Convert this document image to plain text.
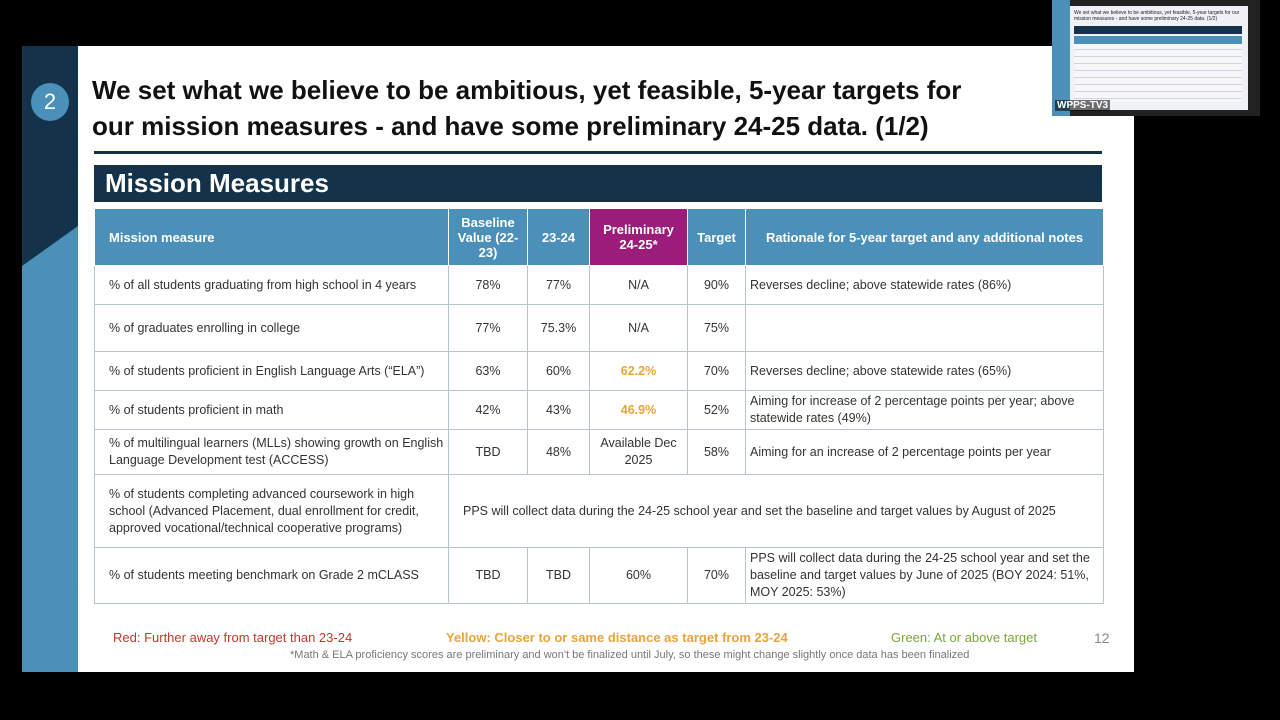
2	We set what we believe to be ambitious, yet feasible, 5-year targets for
our mission measures - and have some preliminary 24-25 data. (1/2)
Mission Measures
Mission measure	Baseline Value (22-23)	23-24	Preliminary 24-25*	Target	Rationale for 5-year target and any additional notes
% of all students graduating from high school in 4 years	78%	77%	N/A	90%	Reverses decline; above statewide rates (86%)
% of graduates enrolling in college	77%	75.3%	N/A	75%	
% of students proficient in English Language Arts (“ELA”)	63%	60%	62.2%	70%	Reverses decline; above statewide rates (65%)
% of students proficient in math	42%	43%	46.9%	52%	Aiming for increase of 2 percentage points per year; above statewide rates (49%)
% of multilingual learners (MLLs) showing growth on English Language Development test (ACCESS)	TBD	48%	Available Dec 2025	58%	Aiming for an increase of 2 percentage points per year
% of students completing advanced coursework in high school (Advanced Placement, dual enrollment for credit, approved vocational/technical cooperative programs)	PPS will collect data during the 24-25 school year and set the baseline and target values by August of 2025				
% of students meeting benchmark on Grade 2 mCLASS	TBD	TBD	60%	70%	PPS will collect data during the 24-25 school year and set the baseline and target values by June of 2025 (BOY 2024: 51%, MOY 2025: 53%)
Red: Further away from target than 23-24	Yellow: Closer to or same distance as target from 23-24	Green: At or above target	12
*Math & ELA proficiency scores are preliminary and won't be finalized until July, so these might change slightly once data has been finalized
We set what we believe to be ambitious, yet feasible, 5-year targets for our mission measures - and have some preliminary 24-25 data. (1/2)
WPPS-TV3
